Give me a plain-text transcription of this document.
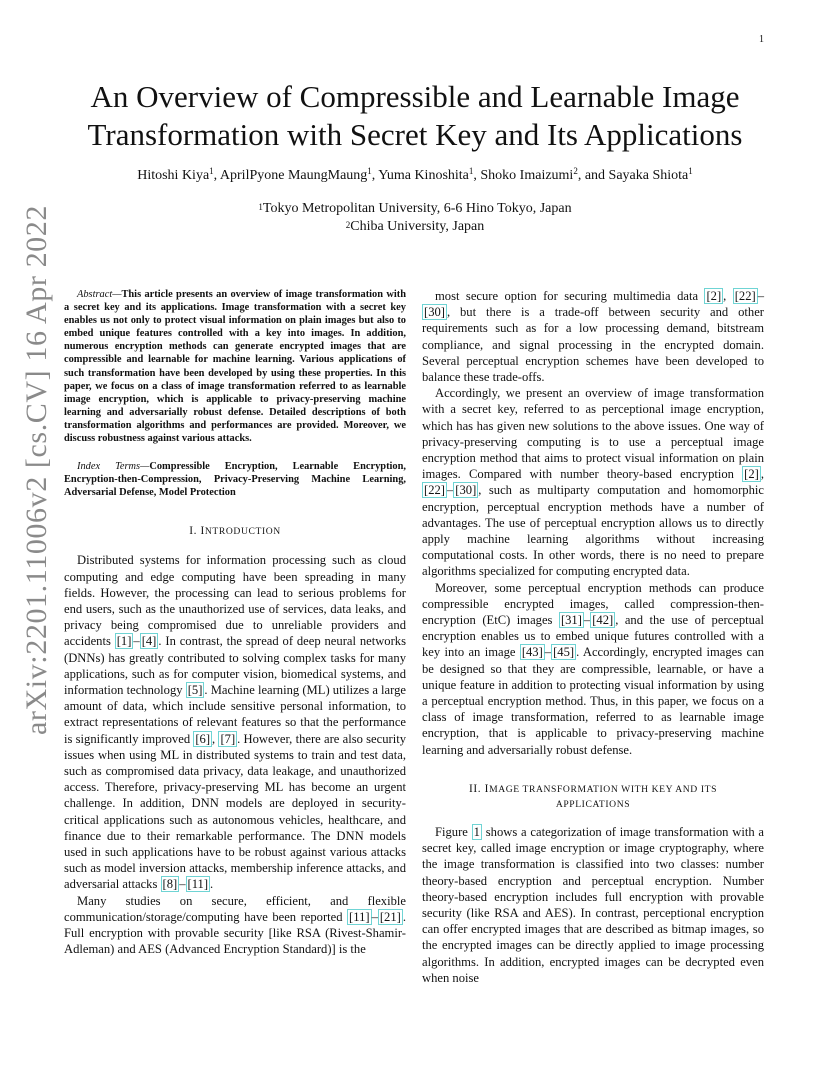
1
arXiv:2201.11006v2 [cs.CV] 16 Apr 2022
An Overview of Compressible and Learnable Image
Transformation with Secret Key and Its Applications
Hitoshi Kiya$^1$, AprilPyone MaungMaung$^1$, Yuma Kinoshita$^1$, Shoko Imaizumi$^2$, and Sayaka Shiota$^1$
$^1$Tokyo Metropolitan University, 6-6 Hino Tokyo, Japan
$^2$Chiba University, Japan

Abstract—This article presents an overview of image transformation with a secret key and its applications. Image transformation with a secret key enables us not only to protect visual information on plain images but also to embed unique features controlled with a key into images. In addition, numerous encryption methods can generate encrypted images that are compressible and learnable for machine learning. Various applications of such transformation have been developed by using these properties. In this paper, we focus on a class of image transformation referred to as learnable image encryption, which is applicable to privacy-preserving machine learning and adversarially robust defense. Detailed descriptions of both transformation algorithms and performances are provided. Moreover, we discuss robustness against various attacks.

Index Terms—Compressible Encryption, Learnable Encryption, Encryption-then-Compression, Privacy-Preserving Machine Learning, Adversarial Defense, Model Protection

I. INTRODUCTION

Distributed systems for information processing such as cloud computing and edge computing have been spreading in many fields. However, the processing can lead to serious problems for end users, such as the unauthorized use of services, data leaks, and privacy being compromised due to unreliable providers and accidents [1] – [4] . In contrast, the spread of deep neural networks (DNNs) has greatly contributed to solving complex tasks for many applications, such as for computer vision, biomedical systems, and information technology [5] . Machine learning (ML) utilizes a large amount of data, which include sensitive personal information, to extract representations of relevant features so that the performance is significantly improved [6] , [7] . However, there are also security issues when using ML in distributed systems to train and test data, such as compromised data privacy, data leakage, and unauthorized access. Therefore, privacy-preserving ML has become an urgent challenge. In addition, DNN models are deployed in security-critical applications such as autonomous vehicles, healthcare, and finance due to their remarkable performance. The DNN models used in such applications have to be robust against various attacks such as model inversion attacks, membership inference attacks, and adversarial attacks [8] – [11] .

Many studies on secure, efficient, and flexible communication/storage/computing have been reported [11] – [21] . Full encryption with provable security [like RSA (Rivest-Shamir-Adleman) and AES (Advanced Encryption Standard)] is the

most secure option for securing multimedia data [2] , [22] –[30] , but there is a trade-off between security and other requirements such as for a low processing demand, bitstream compliance, and signal processing in the encrypted domain. Several perceptual encryption schemes have been developed to balance these trade-offs.

Accordingly, we present an overview of image transformation with a secret key, referred to as perceptional image encryption, which has has given new solutions to the above issues. One way of privacy-preserving computing is to use a perceptual image encryption method that aims to protect visual information on plain images. Compared with number theory-based encryption [2] , [22] – [30] , such as multiparty computation and homomorphic encryption, perceptual encryption methods have a number of advantages. The use of perceptual encryption allows us to directly apply machine learning algorithms without increasing computational costs. In other words, there is no need to prepare algorithms specialized for computing encrypted data.

Moreover, some perceptual encryption methods can produce compressible encrypted images, called compression-then-encryption (EtC) images [31] – [42] , and the use of perceptual encryption enables us to embed unique futures controlled with a key into an image [43] – [45] . Accordingly, encrypted images can be designed so that they are compressible, learnable, or have a unique feature in addition to protecting visual information by using a perceptual encryption method. Thus, in this paper, we focus on a class of image transformation, referred to as learnable image encryption, that is applicable to privacy-preserving machine learning and adversarially robust defense.

II. IMAGE TRANSFORMATION WITH KEY AND ITS
APPLICATIONS

Figure 1 shows a categorization of image transformation with a secret key, called image encryption or image cryptography, where the image transformation is classified into two classes: number theory-based encryption and perceptual encryption. Number theory-based encryption includes full encryption with provable security (like RSA and AES). In contrast, perceptional encryption can offer encrypted images that are described as bitmap images, so the encrypted images can be directly applied to image processing algorithms. In addition, encrypted images can be decrypted even when noise
